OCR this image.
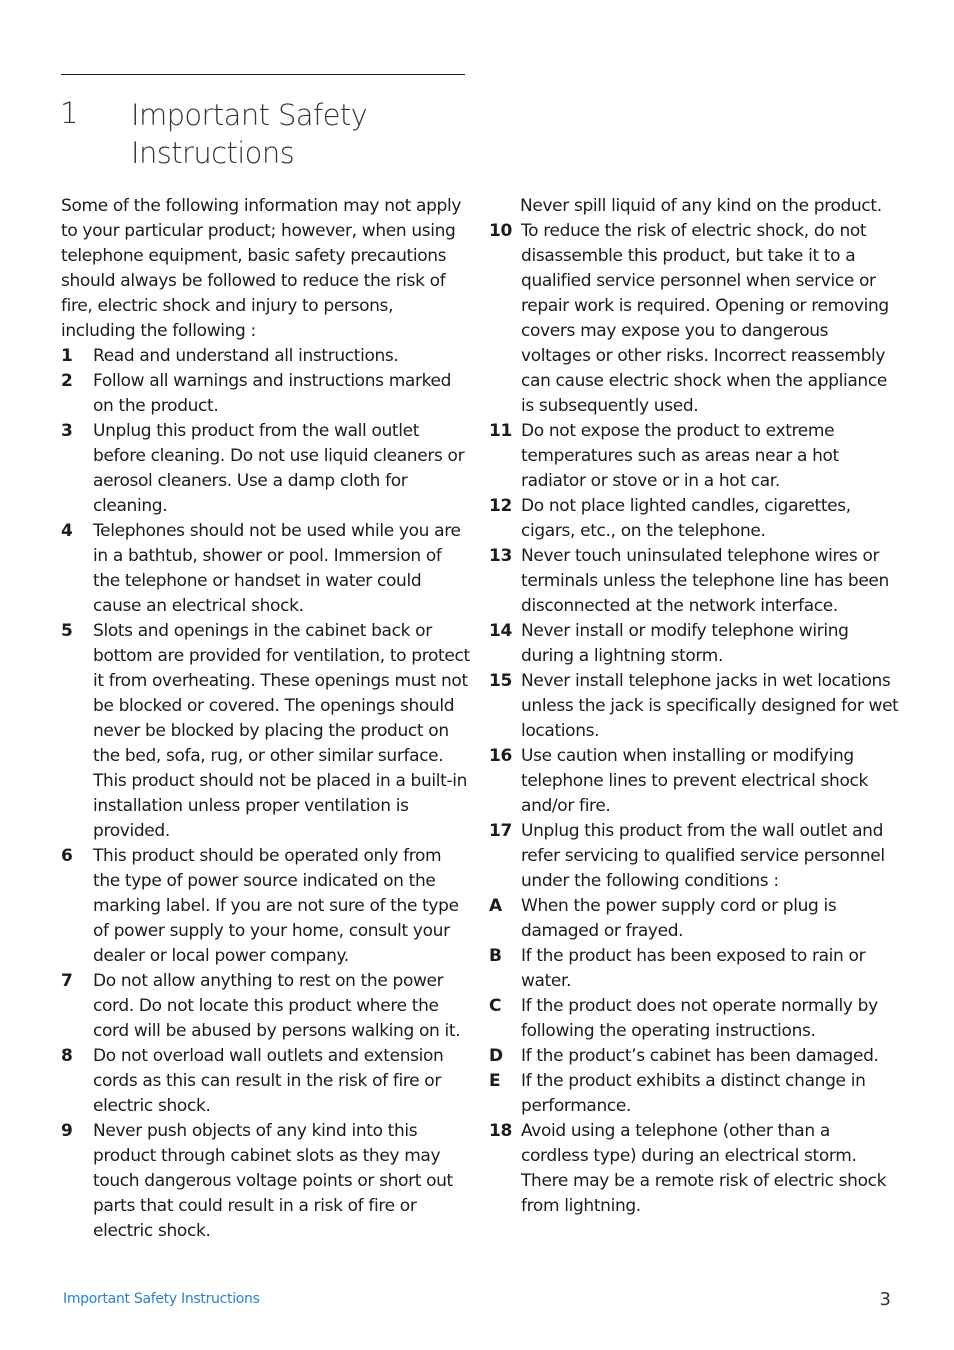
1 Important Safety Instructions

Some of the following information may not apply to your particular product; however, when using telephone equipment, basic safety precautions should always be followed to reduce the risk of fire, electric shock and injury to persons, including the following :

1	Read and understand all instructions.
2	Follow all warnings and instructions marked on the product.
3	Unplug this product from the wall outlet before cleaning. Do not use liquid cleaners or aerosol cleaners. Use a damp cloth for cleaning.
4	Telephones should not be used while you are in a bathtub, shower or pool. Immersion of the telephone or handset in water could cause an electrical shock.
5	Slots and openings in the cabinet back or bottom are provided for ventilation, to protect it from overheating. These openings must not be blocked or covered. The openings should never be blocked by placing the product on the bed, sofa, rug, or other similar surface. This product should not be placed in a built-in installation unless proper ventilation is provided.
6	This product should be operated only from the type of power source indicated on the marking label. If you are not sure of the type of power supply to your home, consult your dealer or local power company.
7	Do not allow anything to rest on the power cord. Do not locate this product where the cord will be abused by persons walking on it.
8	Do not overload wall outlets and extension cords as this can result in the risk of fire or electric shock.
9	Never push objects of any kind into this product through cabinet slots as they may touch dangerous voltage points or short out parts that could result in a risk of fire or electric shock.

Never spill liquid of any kind on the product.

10 To reduce the risk of electric shock, do not disassemble this product, but take it to a qualified service personnel when service or repair work is required. Opening or removing covers may expose you to dangerous voltages or other risks. Incorrect reassembly can cause electric shock when the appliance is subsequently used.
11 Do not expose the product to extreme temperatures such as areas near a hot radiator or stove or in a hot car.
12 Do not place lighted candles, cigarettes, cigars, etc., on the telephone.
13 Never touch uninsulated telephone wires or terminals unless the telephone line has been disconnected at the network interface.
14 Never install or modify telephone wiring during a lightning storm.
15 Never install telephone jacks in wet locations unless the jack is specifically designed for wet locations.
16 Use caution when installing or modifying telephone lines to prevent electrical shock and/or fire.
17 Unplug this product from the wall outlet and refer servicing to qualified service personnel under the following conditions :
A	When the power supply cord or plug is damaged or frayed.
B	If the product has been exposed to rain or water.
C	If the product does not operate normally by following the operating instructions.
D	If the product’s cabinet has been damaged.
E	If the product exhibits a distinct change in performance.
18 Avoid using a telephone (other than a cordless type) during an electrical storm. There may be a remote risk of electric shock from lightning.
Important Safety Instructions	3
